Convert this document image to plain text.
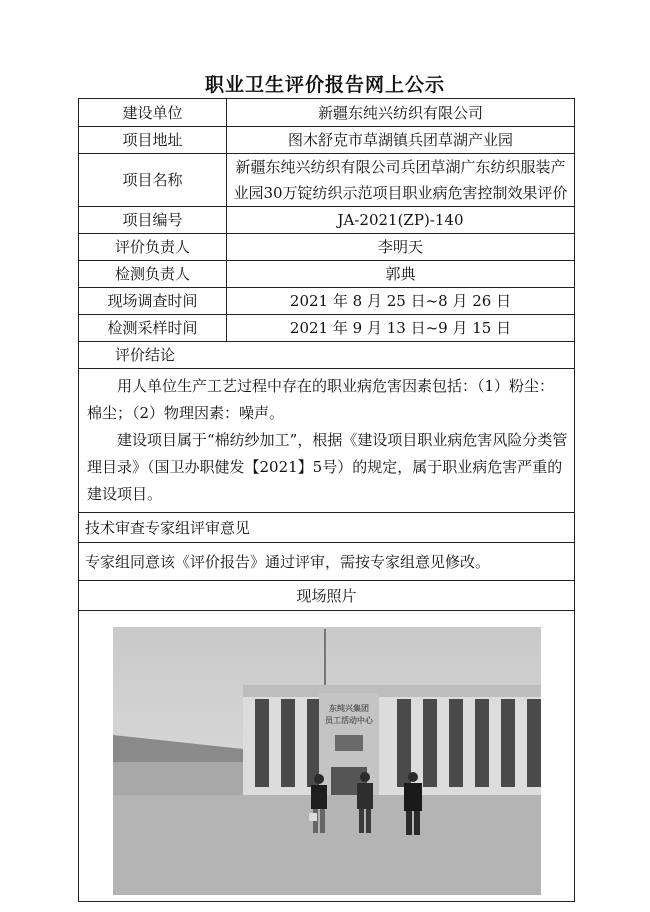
职业卫生评价报告网上公示
建设单位	新疆东纯兴纺织有限公司
项目地址	图木舒克市草湖镇兵团草湖产业园
项目名称	新疆东纯兴纺织有限公司兵团草湖广东纺织服装产业园30万锭纺织示范项目职业病危害控制效果评价
项目编号	JA-2021(ZP)-140
评价负责人	李明天
检测负责人	郭典
现场调查时间	2021 年 8 月 25 日~8 月 26 日
检测采样时间	2021 年 9 月 13 日~9 月 15 日
评价结论	

用人单位生产工艺过程中存在的职业病危害因素包括：（1）粉尘：棉尘；（2）物理因素：噪声。

建设项目属于“棉纺纱加工”，根据《建设项目职业病危害风险分类管理目录》（国卫办职健发【2021】5号）的规定，属于职业病危害严重的建设项目。	

技术审查专家组评审意见	
专家组同意该《评价报告》通过评审，需按专家组意见修改。	
现场照片	

东纯兴集团
员工活动中心	
